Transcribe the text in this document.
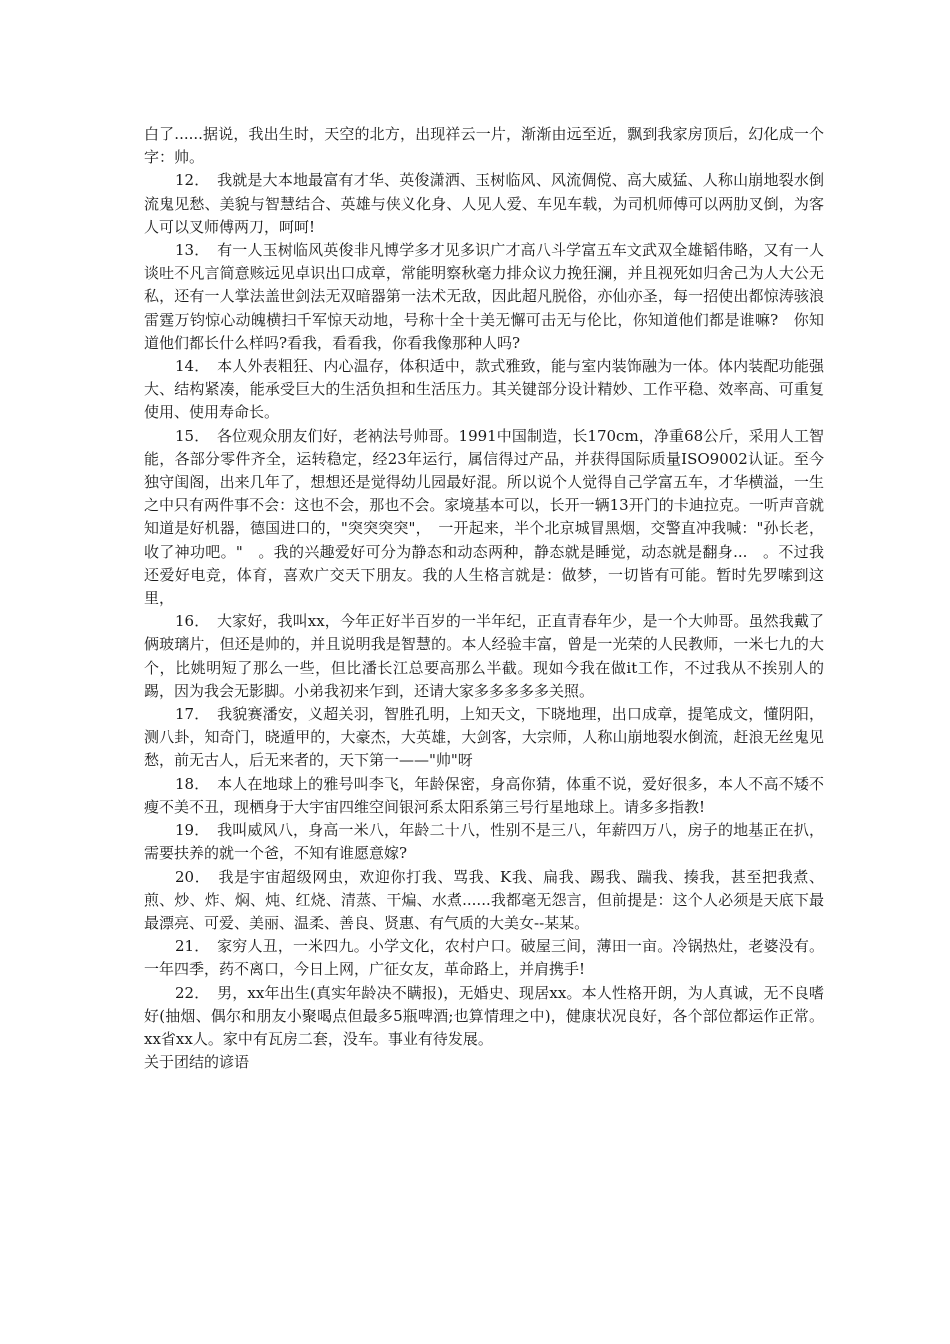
白了......据说，我出生时，天空的北方，出现祥云一片，渐渐由远至近，飘到我家房顶后，幻化成一个字：帅。

12．　我就是大本地最富有才华、英俊潇洒、玉树临风、风流倜傥、高大威猛、人称山崩地裂水倒流鬼见愁、美貌与智慧结合、英雄与侠义化身、人见人爱、车见车载，为司机师傅可以两肋叉倒，为客人可以叉师傅两刀，呵呵!

13．　有一人玉树临风英俊非凡博学多才见多识广才高八斗学富五车文武双全雄韬伟略，又有一人谈吐不凡言简意赅远见卓识出口成章，常能明察秋毫力排众议力挽狂澜，并且视死如归舍己为人大公无私，还有一人掌法盖世剑法无双暗器第一法术无敌，因此超凡脱俗，亦仙亦圣，每一招使出都惊涛骇浪雷霆万钧惊心动魄横扫千军惊天动地，号称十全十美无懈可击无与伦比，你知道他们都是谁嘛?　你知道他们都长什么样吗?看我，看看我，你看我像那种人吗?

14．　本人外表粗狂、内心温存，体积适中，款式雅致，能与室内装饰融为一体。体内装配功能强大、结构紧凑，能承受巨大的生活负担和生活压力。其关键部分设计精妙、工作平稳、效率高、可重复使用、使用寿命长。

15．　各位观众朋友们好，老衲法号帅哥。1991中国制造，长170cm，净重68公斤，采用人工智能，各部分零件齐全，运转稳定，经23年运行，属信得过产品，并获得国际质量ISO9002认证。至今独守闺阁，出来几年了，想想还是觉得幼儿园最好混。所以说个人觉得自己学富五车，才华横溢，一生之中只有两件事不会：这也不会，那也不会。家境基本可以，长开一辆13开门的卡迪拉克。一听声音就知道是好机器，德国进口的，"突突突突"，　一开起来，半个北京城冒黑烟，交警直冲我喊："孙长老，收了神功吧。"　。我的兴趣爱好可分为静态和动态两种，静态就是睡觉，动态就是翻身...　。不过我还爱好电竞，体育，喜欢广交天下朋友。我的人生格言就是：做梦，一切皆有可能。暂时先罗嗦到这里，

16．　大家好，我叫xx，今年正好半百岁的一半年纪，正直青春年少，是一个大帅哥。虽然我戴了俩玻璃片，但还是帅的，并且说明我是智慧的。本人经验丰富，曾是一光荣的人民教师，一米七九的大个，比姚明短了那么一些，但比潘长江总要高那么半截。现如今我在做it工作，不过我从不挨别人的踢，因为我会无影脚。小弟我初来乍到，还请大家多多多多多关照。

17．　我貌赛潘安，义超关羽，智胜孔明，上知天文，下晓地理，出口成章，提笔成文，懂阴阳，测八卦，知奇门，晓遁甲的，大豪杰，大英雄，大剑客，大宗师，人称山崩地裂水倒流，赶浪无丝鬼见愁，前无古人，后无来者的，天下第一——"帅"呀

18．　本人在地球上的雅号叫李飞，年龄保密，身高你猜，体重不说，爱好很多，本人不高不矮不瘦不美不丑，现栖身于大宇宙四维空间银河系太阳系第三号行星地球上。请多多指教!

19．　我叫威风八，身高一米八，年龄二十八，性别不是三八，年薪四万八，房子的地基正在扒，需要扶养的就一个爸，不知有谁愿意嫁?

20．　我是宇宙超级网虫，欢迎你打我、骂我、K我、扁我、踢我、踹我、揍我，甚至把我煮、煎、炒、炸、焖、炖、红烧、清蒸、干煸、水煮......我都毫无怨言，但前提是：这个人必须是天底下最最漂亮、可爱、美丽、温柔、善良、贤惠、有气质的大美女--某某。

21．　家穷人丑，一米四九。小学文化，农村户口。破屋三间，薄田一亩。冷锅热灶，老婆没有。一年四季，药不离口，今日上网，广征女友，革命路上，并肩携手!

22．　男，xx年出生(真实年龄决不瞒报)，无婚史、现居xx。本人性格开朗，为人真诚，无不良嗜好(抽烟、偶尔和朋友小聚喝点但最多5瓶啤酒;也算情理之中)，健康状况良好，各个部位都运作正常。xx省xx人。家中有瓦房二套，没车。事业有待发展。

关于团结的谚语
